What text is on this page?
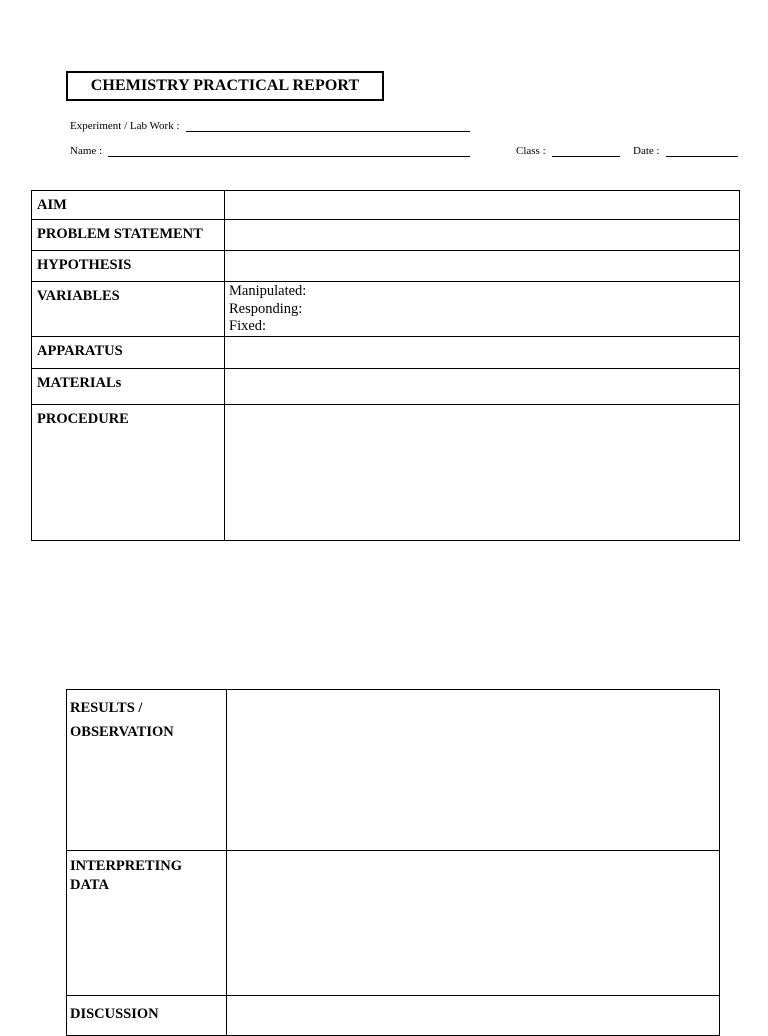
CHEMISTRY PRACTICAL REPORT
Experiment / Lab Work :
Name :	Class :	Date :
AIM	
PROBLEM STATEMENT	
HYPOTHESIS	
VARIABLES	Manipulated:
Responding:
Fixed:

APPARATUS	
MATERIALs	
PROCEDURE	
RESULTS /
OBSERVATION	

INTERPRETING
DATA	

DISCUSSION	
